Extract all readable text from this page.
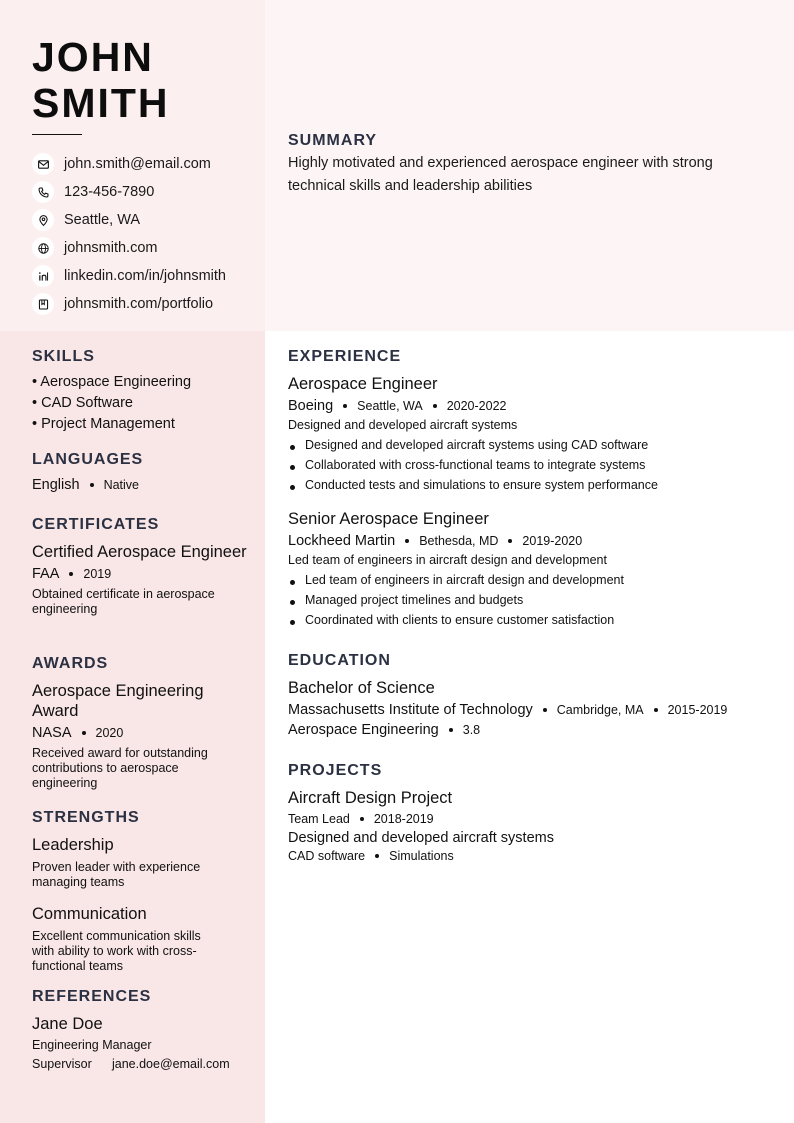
JOHN
SMITH
john.smith@email.com
123-456-7890
Seattle, WA
johnsmith.com
linkedin.com/in/johnsmith
johnsmith.com/portfolio
SUMMARY

Highly motivated and experienced aerospace engineer with strong technical skills and leadership abilities

SKILLS
• Aerospace Engineering
• CAD Software
• Project Management
LANGUAGES
English Native
CERTIFICATES
Certified Aerospace Engineer
FAA 2019
Obtained certificate in aerospace engineering
AWARDS
Aerospace Engineering Award
NASA 2020
Received award for outstanding contributions to aerospace engineering
STRENGTHS
Leadership
Proven leader with experience managing teams
Communication
Excellent communication skills with ability to work with cross-functional teams
REFERENCES
Jane Doe
Engineering Manager
Supervisor	jane.doe@email.com
EXPERIENCE
Aerospace Engineer
Boeing Seattle, WA 2020-2022
Designed and developed aircraft systems
Designed and developed aircraft systems using CAD software
Collaborated with cross-functional teams to integrate systems
Conducted tests and simulations to ensure system performance
Senior Aerospace Engineer
Lockheed Martin Bethesda, MD 2019-2020
Led team of engineers in aircraft design and development
Led team of engineers in aircraft design and development
Managed project timelines and budgets
Coordinated with clients to ensure customer satisfaction
EDUCATION
Bachelor of Science
Massachusetts Institute of Technology Cambridge, MA 2015-2019
Aerospace Engineering 3.8
PROJECTS
Aircraft Design Project
Team Lead 2018-2019
Designed and developed aircraft systems
CAD software Simulations
